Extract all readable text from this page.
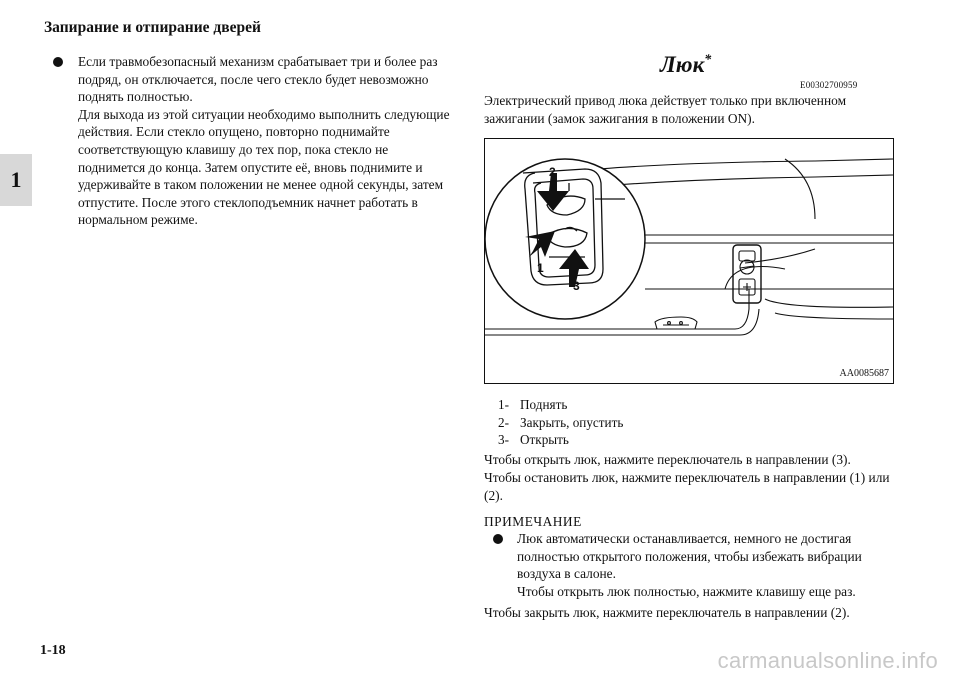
Запирание и отпирание дверей
1

Если травмобезопасный механизм срабатывает три и более раз подряд, он отключается, после чего стекло будет невозможно поднять полностью.

Для выхода из этой ситуации необходимо выполнить следующие действия. Если стекло опущено, повторно поднимайте соответствующую клавишу до тех пор, пока стекло не поднимется до конца. Затем опустите её, вновь поднимите и удерживайте в таком положении не менее одной секунды, затем отпустите. После этого стеклоподъемник начнет работать в нормальном режиме.

Люк*
E00302700959
Электрический привод люка действует только при включенном зажигании (замок зажигания в положении ON).
2
1
3
AA0085687
1- Поднять
2- Закрыть, опустить
3- Открыть
Чтобы открыть люк, нажмите переключатель в направлении (3).
Чтобы остановить люк, нажмите переключатель в направлении (1) или (2).
ПРИМЕЧАНИЕ

Люк автоматически останавливается, немного не достигая полностью открытого положения, чтобы избежать вибрации воздуха в салоне.

Чтобы открыть люк полностью, нажмите клавишу еще раз.

Чтобы закрыть люк, нажмите переключатель в направлении (2).
1-18	carmanualsonline.info
